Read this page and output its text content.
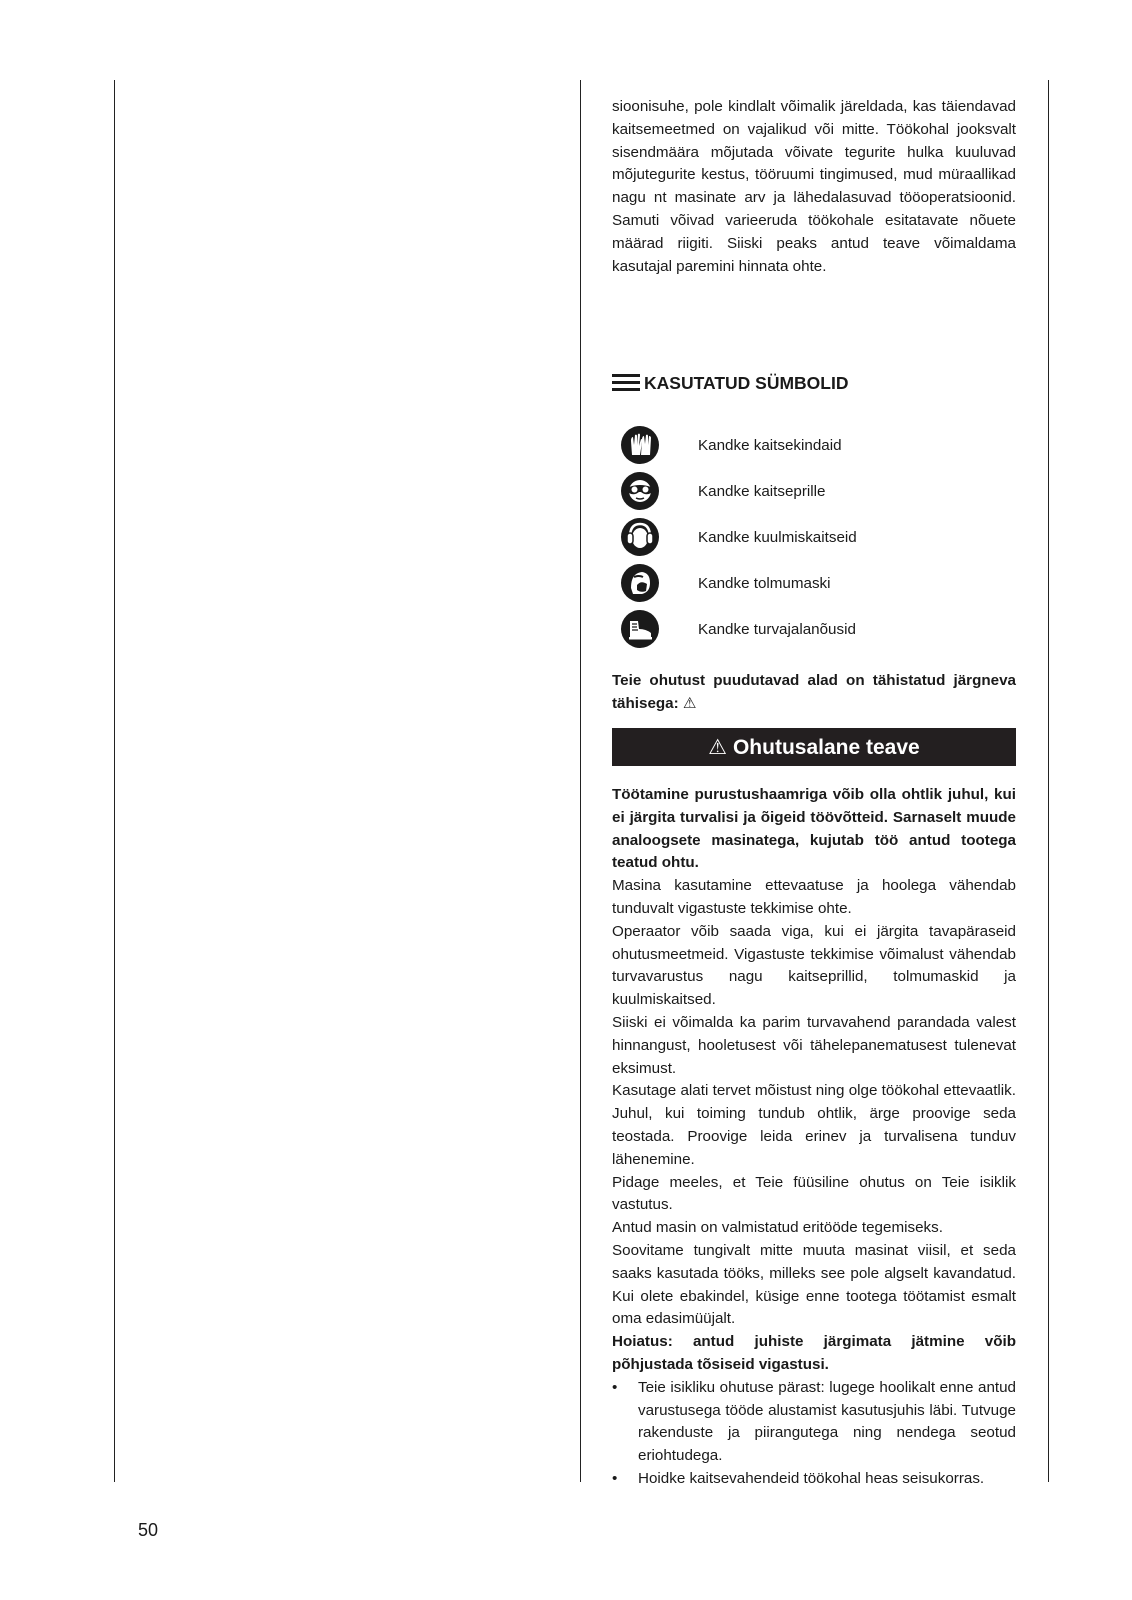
sioonisuhe, pole kindlalt võimalik järeldada, kas täiendavad kaitsemeetmed on vajalikud või mitte. Töökohal jooksvalt sisendmäära mõjutada võivate tegurite hulka kuuluvad mõjutegurite kestus, tööruumi tingimused, mud müraallikad nagu nt masinate arv ja lähedalasuvad tööoperatsioonid. Samuti võivad varieeruda töökohale esitatavate nõuete määrad riigiti. Siiski peaks antud teave võimaldama kasutajal paremini hinnata ohte.

KASUTATUD SÜMBOLID
Kandke kaitsekindaid
Kandke kaitseprille
Kandke kuulmiskaitseid
Kandke tolmumaski
Kandke turvajalanõusid

Teie ohutust puudutavad alad on tähistatud järgneva tähisega: ⚠

⚠ Ohutusalane teave

Töötamine purustushaamriga võib olla ohtlik juhul, kui ei järgita turvalisi ja õigeid töövõtteid. Sarnaselt muude analoogsete masinatega, kujutab töö antud tootega teatud ohtu.

Masina kasutamine ettevaatuse ja hoolega vähendab tunduvalt vigastuste tekkimise ohte.

Operaator võib saada viga, kui ei järgita tavapäraseid ohutusmeetmeid. Vigastuste tekkimise võimalust vähendab turvavarustus nagu kaitseprillid, tolmumaskid ja kuulmiskaitsed.

Siiski ei võimalda ka parim turvavahend parandada valest hinnangust, hooletusest või tähelepanematusest tulenevat eksimust.

Kasutage alati tervet mõistust ning olge töökohal ettevaatlik. Juhul, kui toiming tundub ohtlik, ärge proovige seda teostada. Proovige leida erinev ja turvalisena tunduv lähenemine.

Pidage meeles, et Teie füüsiline ohutus on Teie isiklik vastutus.

Antud masin on valmistatud eritööde tegemiseks.

Soovitame tungivalt mitte muuta masinat viisil, et seda saaks kasutada tööks, milleks see pole algselt kavandatud. Kui olete ebakindel, küsige enne tootega töötamist esmalt oma edasimüüjalt.

Hoiatus: antud juhiste järgimata jätmine võib põhjustada tõsiseid vigastusi.

•	Teie isikliku ohutuse pärast: lugege hoolikalt enne antud varustusega tööde alustamist kasutusjuhis läbi. Tutvuge rakenduste ja piirangutega ning nendega seotud eriohtudega.
•	Hoidke kaitsevahendeid töökohal heas seisukorras.
50
